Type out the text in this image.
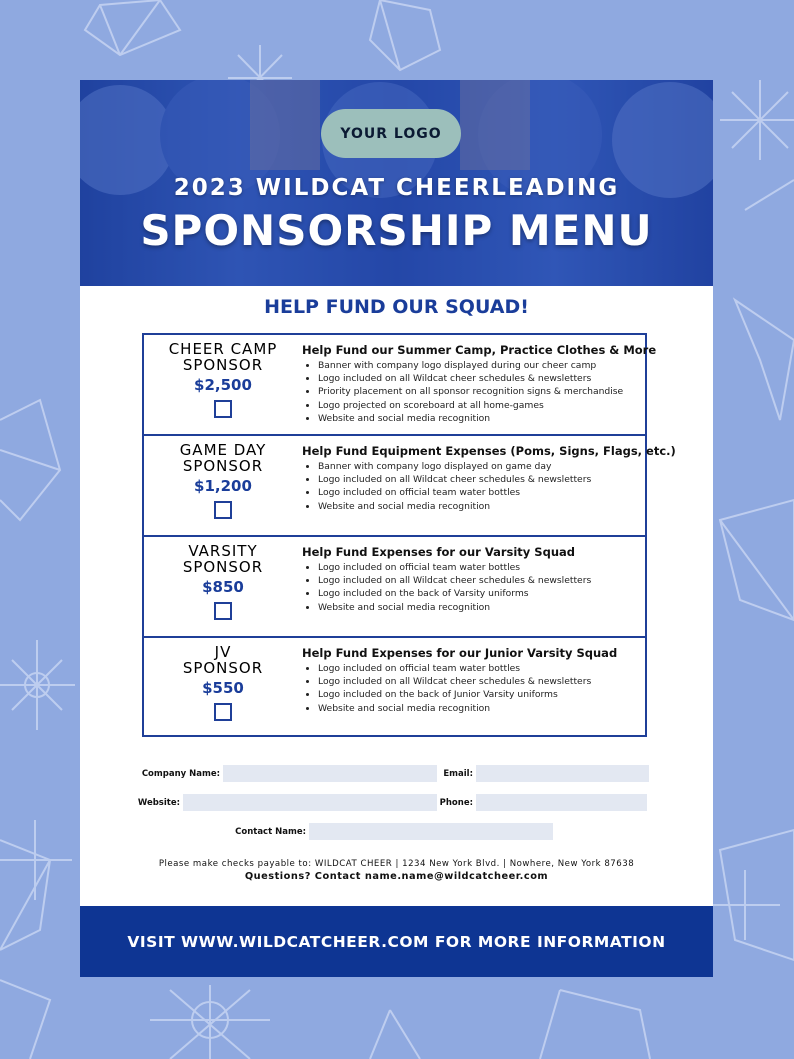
YOUR LOGO
2023 WILDCAT CHEERLEADING
SPONSORSHIP MENU
HELP FUND OUR SQUAD!
CHEER CAMP
SPONSOR
$2,500
Help Fund our Summer Camp, Practice Clothes & More
• Banner with company logo displayed during our cheer camp
• Logo included on all Wildcat cheer schedules & newsletters
• Priority placement on all sponsor recognition signs & merchandise
• Logo projected on scoreboard at all home-games
• Website and social media recognition
GAME DAY
SPONSOR
$1,200
Help Fund Equipment Expenses (Poms, Signs, Flags, etc.)
• Banner with company logo displayed on game day
• Logo included on all Wildcat cheer schedules & newsletters
• Logo included on official team water bottles
• Website and social media recognition
VARSITY
SPONSOR
$850
Help Fund Expenses for our Varsity Squad
• Logo included on official team water bottles
• Logo included on all Wildcat cheer schedules & newsletters
• Logo included on the back of Varsity uniforms
• Website and social media recognition
JV
SPONSOR
$550
Help Fund Expenses for our Junior Varsity Squad
• Logo included on official team water bottles
• Logo included on all Wildcat cheer schedules & newsletters
• Logo included on the back of Junior Varsity uniforms
• Website and social media recognition
Company Name:	Email:
Website:	Phone:
Contact Name:
Please make checks payable to: WILDCAT CHEER | 1234 New York Blvd. | Nowhere, New York 87638
Questions? Contact name.name@wildcatcheer.com
VISIT WWW.WILDCATCHEER.COM FOR MORE INFORMATION
